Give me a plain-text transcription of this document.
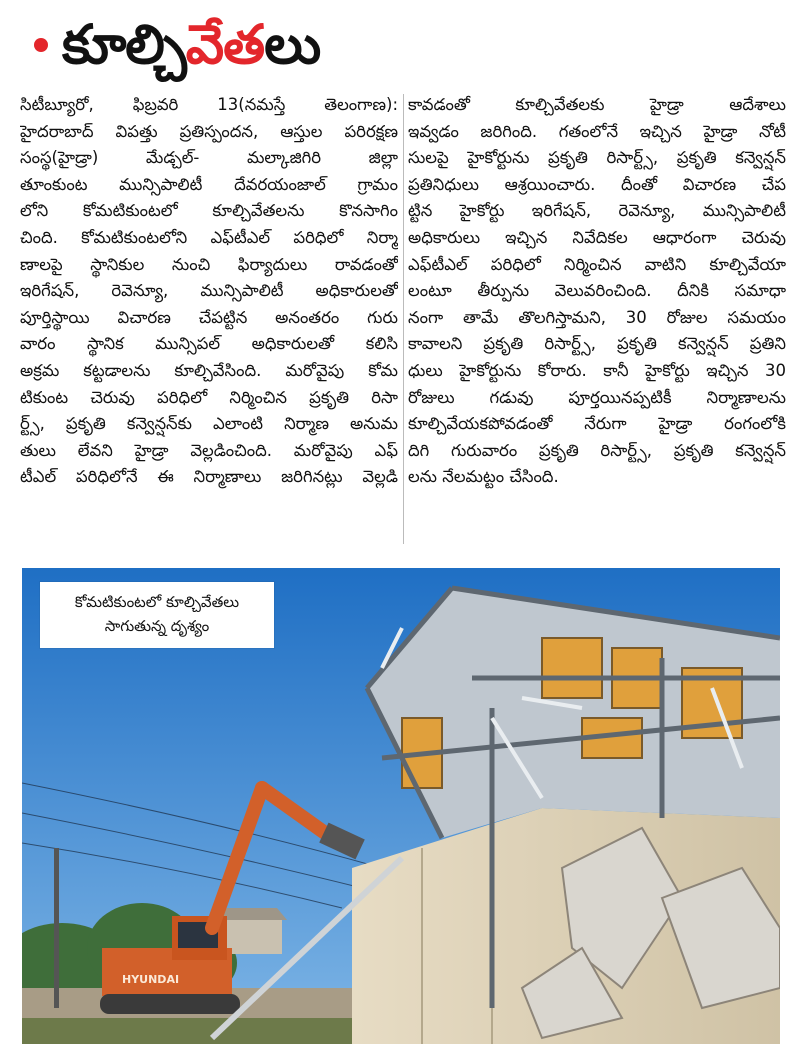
కూల్చివేతలు
సిటీబ్యూరో, ఫిబ్రవరి 13(నమస్తే తెలంగాణ):
హైదరాబాద్ విపత్తు ప్రతిస్పందన, ఆస్తుల పరిరక్షణ
సంస్థ(హైడ్రా) మేడ్చల్- మల్కాజిగిరి జిల్లా
తూంకుంట మున్సిపాలిటీ దేవరయంజాల్ గ్రామం
లోని కోమటికుంటలో కూల్చివేతలను కొనసాగిం
చింది. కోమటికుంటలోని ఎఫ్‌టీఎల్ పరిధిలో నిర్మా
ణాలపై స్థానికుల నుంచి ఫిర్యాదులు రావడంతో
ఇరిగేషన్, రెవెన్యూ, మున్సిపాలిటీ అధికారులతో
పూర్తిస్థాయి విచారణ చేపట్టిన అనంతరం గురు
వారం స్థానిక మున్సిపల్ అధికారులతో కలిసి
అక్రమ కట్టడాలను కూల్చివేసింది. మరోవైపు కోమ
టికుంట చెరువు పరిధిలో నిర్మించిన ప్రకృతి రిసా
ర్ట్స్, ప్రకృతి కన్వెన్షన్‌కు ఎలాంటి నిర్మాణ అనుమ
తులు లేవని హైడ్రా వెల్లడించింది. మరోవైపు ఎఫ్
టీఎల్ పరిధిలోనే ఈ నిర్మాణాలు జరిగినట్లు వెల్లడి
కావడంతో కూల్చివేతలకు హైడ్రా ఆదేశాలు
ఇవ్వడం జరిగింది. గతంలోనే ఇచ్చిన హైడ్రా నోటీ
సులపై హైకోర్టును ప్రకృతి రిసార్ట్స్, ప్రకృతి కన్వెన్షన్
ప్రతినిధులు ఆశ్రయించారు. దీంతో విచారణ చేప
ట్టిన హైకోర్టు ఇరిగేషన్, రెవెన్యూ, మున్సిపాలిటీ
అధికారులు ఇచ్చిన నివేదికల ఆధారంగా చెరువు
ఎఫ్‌టీఎల్ పరిధిలో నిర్మించిన వాటిని కూల్చివేయా
లంటూ తీర్పును వెలువరించింది. దీనికి సమాధా
నంగా తామే తొలగిస్తామని, 30 రోజుల సమయం
కావాలని ప్రకృతి రిసార్ట్స్, ప్రకృతి కన్వెన్షన్ ప్రతిని
ధులు హైకోర్టును కోరారు. కానీ హైకోర్టు ఇచ్చిన 30
రోజులు గడువు పూర్తయినప్పటికీ నిర్మాణాలను
కూల్చివేయకపోవడంతో నేరుగా హైడ్రా రంగంలోకి
దిగి గురువారం ప్రకృతి రిసార్ట్స్, ప్రకృతి కన్వెన్షన్
లను నేలమట్టం చేసింది.
HYUNDAI
కోమటికుంటలో కూల్చివేతలు
సాగుతున్న దృశ్యం
